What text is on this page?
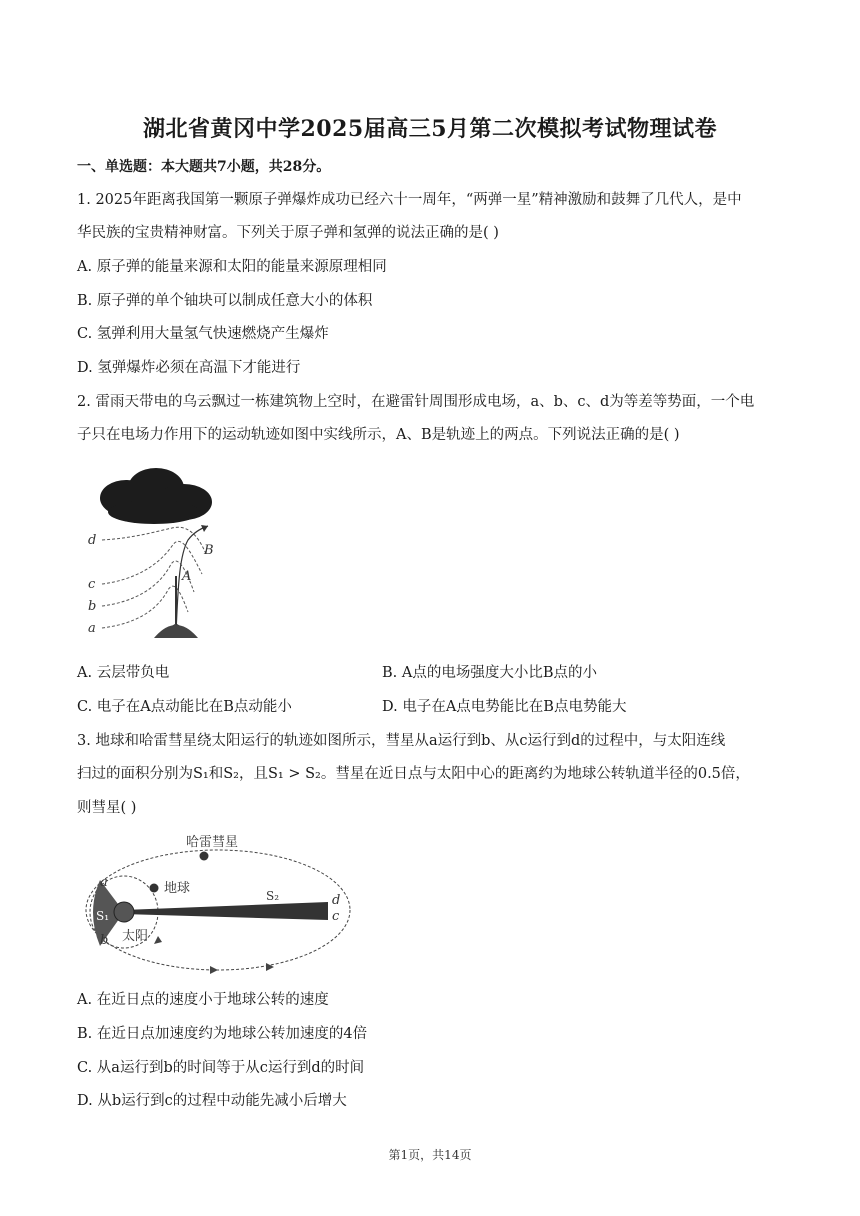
湖北省黄冈中学2025届高三5月第二次模拟考试物理试卷
一、单选题：本大题共7小题，共28分。
1. 2025年距离我国第一颗原子弹爆炸成功已经六十一周年，“两弹一星”精神激励和鼓舞了几代人，是中
华民族的宝贵精神财富。下列关于原子弹和氢弹的说法正确的是( )
A. 原子弹的能量来源和太阳的能量来源原理相同
B. 原子弹的单个铀块可以制成任意大小的体积
C. 氢弹利用大量氢气快速燃烧产生爆炸
D. 氢弹爆炸必须在高温下才能进行
2. 雷雨天带电的乌云飘过一栋建筑物上空时，在避雷针周围形成电场，a、b、c、d为等差等势面，一个电
子只在电场力作用下的运动轨迹如图中实线所示，A、B是轨迹上的两点。下列说法正确的是( )
d
c
b
a
A
B
A. 云层带负电	B. A点的电场强度大小比B点的小
C. 电子在A点动能比在B点动能小	D. 电子在A点电势能比在B点电势能大
3. 地球和哈雷彗星绕太阳运行的轨迹如图所示，彗星从a运行到b、从c运行到d的过程中，与太阳连线
扫过的面积分别为S₁和S₂，且S₁ > S₂。彗星在近日点与太阳中心的距离约为地球公转轨道半径的0.5倍，
则彗星( )
哈雷彗星
地球
太阳
S₁
S₂
a
b
c
d
A. 在近日点的速度小于地球公转的速度
B. 在近日点加速度约为地球公转加速度的4倍
C. 从a运行到b的时间等于从c运行到d的时间
D. 从b运行到c的过程中动能先减小后增大
第1页，共14页
